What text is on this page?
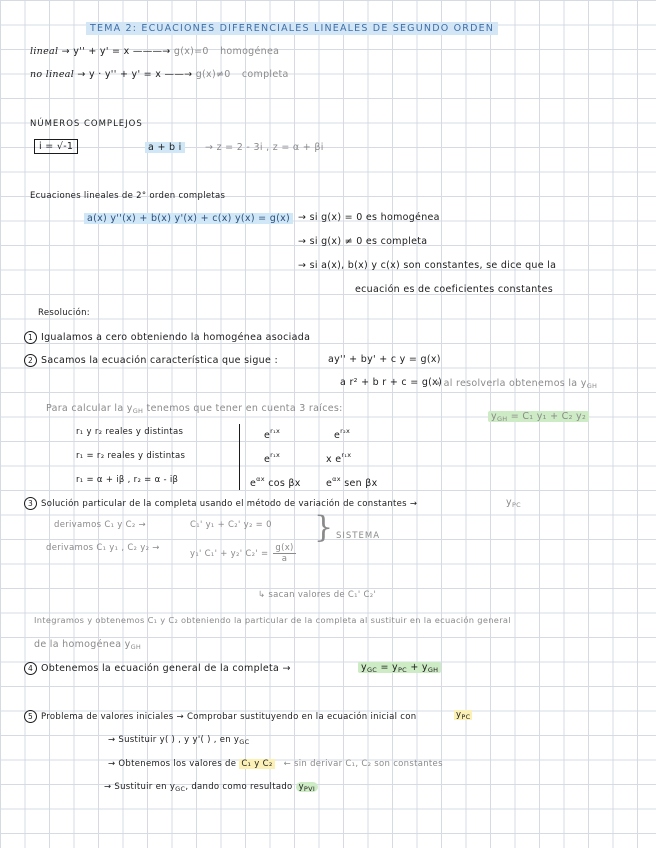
TEMA 2: ECUACIONES DIFERENCIALES LINEALES DE SEGUNDO ORDEN
lineal → y'' + y' = x ———→ g(x)=0 homogénea
no lineal → y · y'' + y' = x ——→ g(x)≠0 completa
NÚMEROS COMPLEJOS
i = √-1	a + b i	→ z = 2 - 3i , z = α + βi
Ecuaciones lineales de 2° orden completas
a(x) y''(x) + b(x) y'(x) + c(x) y(x) = g(x) → si g(x) = 0 es homogénea
→ si g(x) ≠ 0 es completa
→ si a(x), b(x) y c(x) son constantes, se dice que la
ecuación es de coeficientes constantes
Resolución:
1 Igualamos a cero obteniendo la homogénea asociada
2 Sacamos la ecuación característica que sigue :	ay'' + by' + c y = g(x)
a r² + b r + c = g(x)
→ al resolverla obtenemos la $y_{GH}$
$y_{GH} = C_1$ y₁ + C₂ y₂
Para calcular la $y_{GH}$ tenemos que tener en cuenta 3 raíces:
r₁ y r₂ reales y distintas	$e^{r_1x}$	$e^{r_2x}$
r₁ = r₂ reales y distintas	$e^{r_1x}$	x $e^{r_1x}$
r₁ = α + iβ , r₂ = α - iβ	$e^{\alpha x}$ cos βx	$e^{\alpha x}$ sen βx
3 Solución particular de la completa usando el método de variación de constantes →	$y_{PC}$
derivamos C₁ y C₂ →	C₁' y₁ + C₂' y₂ = 0
derivamos C₁ y₁ , C₂ y₂ →
y₁' C₁' + y₂' $C_2' = \frac{g(x)}{a}$
} SISTEMA
↳ sacan valores de C₁' C₂'
Integramos y obtenemos C₁ y C₂ obteniendo la particular de la completa al sustituir en la ecuación general
de la homogénea $y_{GH}$
4 Obtenemos la ecuación general de la completa →	$y_{GC} = y_{PC} + y_{GH}$
5 Problema de valores iniciales → Comprobar sustituyendo en la ecuación inicial con	$y_{PC}$
→ Sustituir y( ) , y y'( ) , en $y_{GC}$
→ Obtenemos los valores de C₁ y C₂ ← sin derivar C₁, C₂ son constantes
→ Sustituir en $y_{GC}$, dando como resultado $y_{PVI}$
